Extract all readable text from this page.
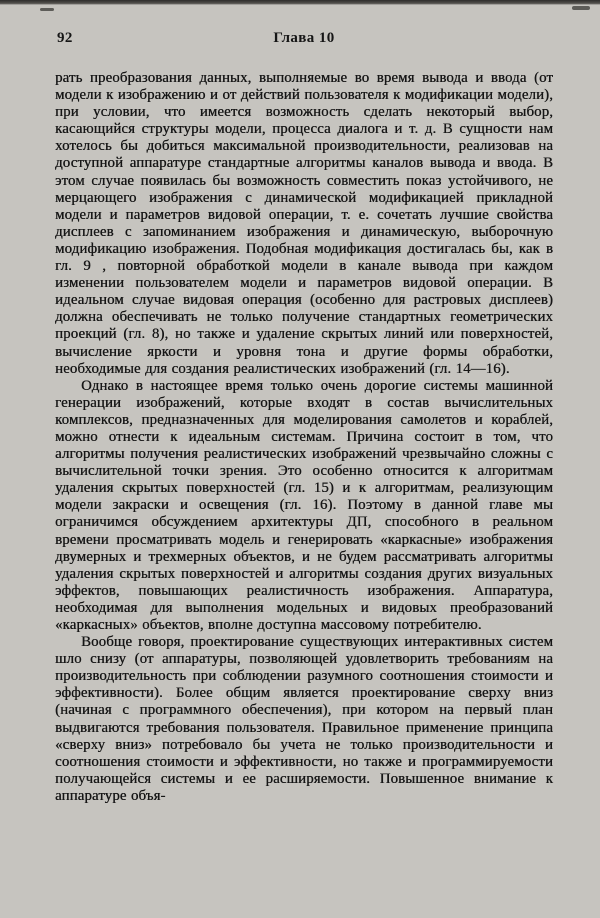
92	Глава 10

рать преобразования данных, выполняемые во время вывода и ввода (от модели к изображению и от действий пользователя к модификации модели), при условии, что имеется возможность сделать некоторый выбор, касающийся структуры модели, процесса диалога и т. д. В сущности нам хотелось бы добиться максимальной производительности, реализовав на доступной аппаратуре стандартные алгоритмы каналов вывода и ввода. В этом случае появилась бы возможность совместить показ устойчивого, не мерцающего изображения с динамической модификацией прикладной модели и параметров видовой операции, т. е. сочетать лучшие свойства дисплеев с запоминанием изображения и динамическую, выборочную модификацию изображения. Подобная модификация достигалась бы, как в гл. 9 , повторной обработкой модели в канале вывода при каждом изменении пользователем модели и параметров видовой операции. В идеальном случае видовая операция (особенно для растровых дисплеев) должна обеспечивать не только получение стандартных геометрических проекций (гл. 8), но также и удаление скрытых линий или поверхностей, вычисление яркости и уровня тона и другие формы обработки, необходимые для создания реалистических изображений (гл. 14—16).

Однако в настоящее время только очень дорогие системы машинной генерации изображений, которые входят в состав вычислительных комплексов, предназначенных для моделирования самолетов и кораблей, можно отнести к идеальным системам. Причина состоит в том, что алгоритмы получения реалистических изображений чрезвычайно сложны с вычислительной точки зрения. Это особенно относится к алгоритмам удаления скрытых поверхностей (гл. 15) и к алгоритмам, реализующим модели закраски и освещения (гл. 16). Поэтому в данной главе мы ограничимся обсуждением архитектуры ДП, способного в реальном времени просматривать модель и генерировать «каркасные» изображения двумерных и трехмерных объектов, и не будем рассматривать алгоритмы удаления скрытых поверхностей и алгоритмы создания других визуальных эффектов, повышающих реалистичность изображения. Аппаратура, необходимая для выполнения модельных и видовых преобразований «каркасных» объектов, вполне доступна массовому потребителю.

Вообще говоря, проектирование существующих интерактивных систем шло снизу (от аппаратуры, позволяющей удовлетворить требованиям на производительность при соблюдении разумного соотношения стоимости и эффективности). Более общим является проектирование сверху вниз (начиная с программного обеспечения), при котором на первый план выдвигаются требования пользователя. Правильное применение принципа «сверху вниз» потребовало бы учета не только производительности и соотношения стоимости и эффективности, но также и программируемости получающейся системы и ее расширяемости. Повышенное внимание к аппаратуре объя-
